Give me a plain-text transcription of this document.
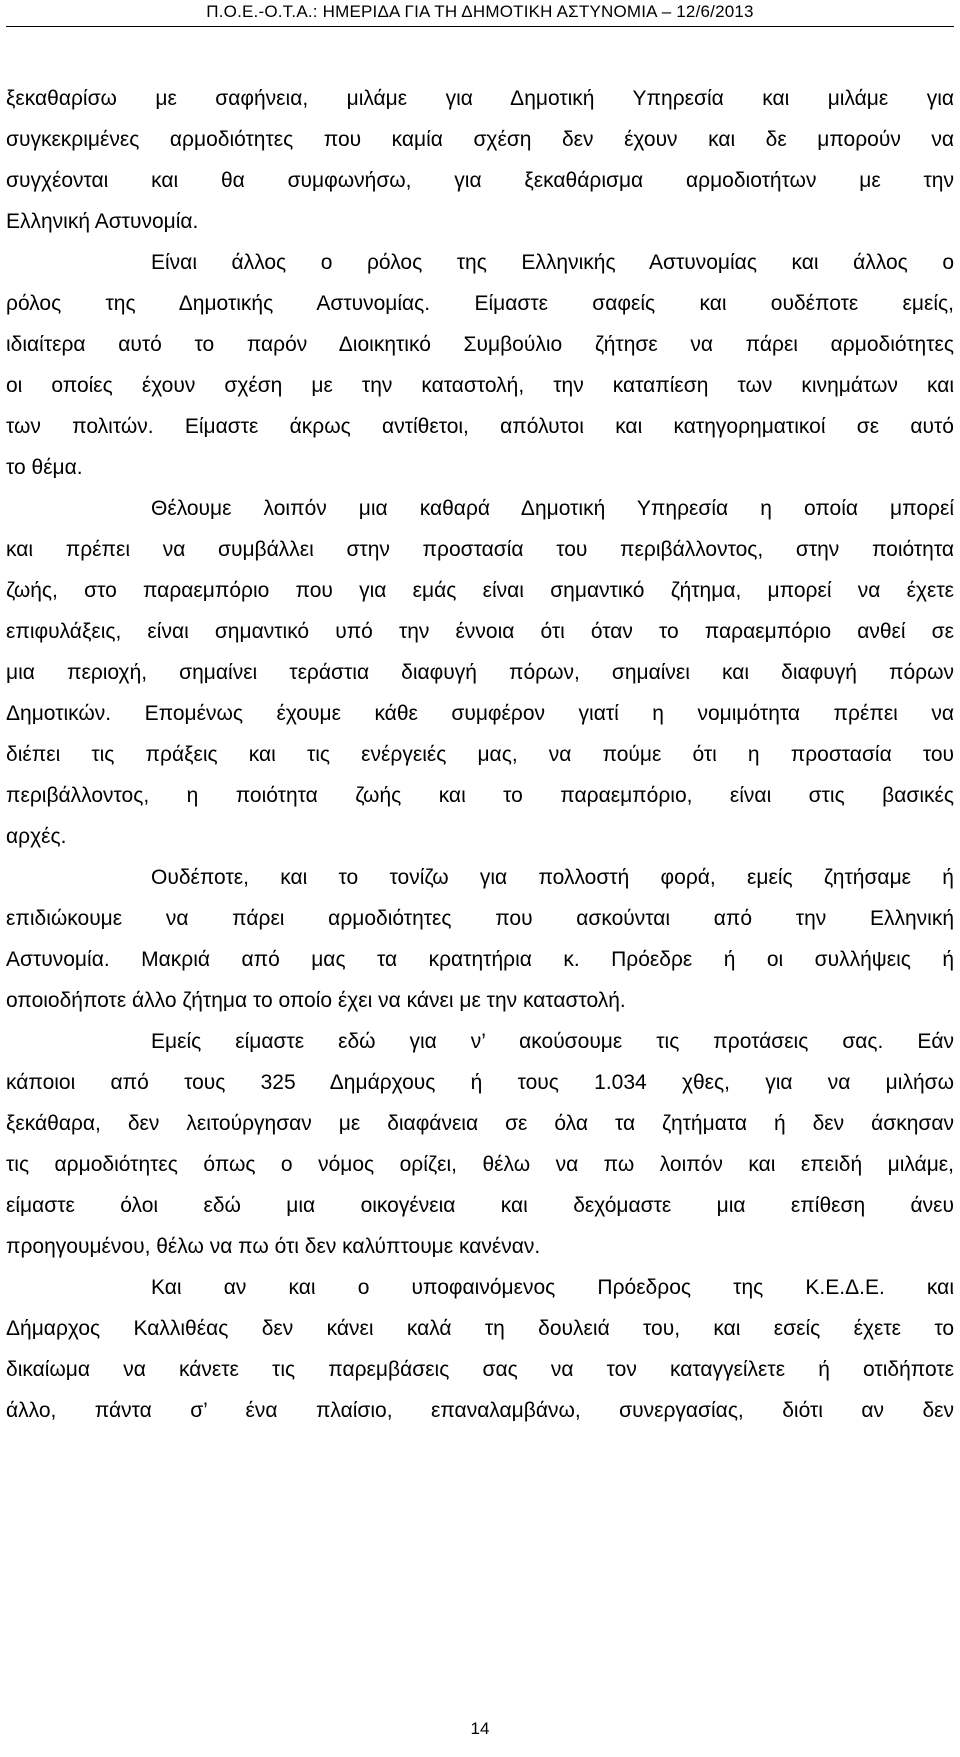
Π.Ο.Ε.-Ο.Τ.Α.: ΗΜΕΡΙΔΑ ΓΙΑ ΤΗ ΔΗΜΟΤΙΚΗ ΑΣΤΥΝΟΜΙΑ – 12/6/2013
ξεκαθαρίσω με σαφήνεια, μιλάμε για Δημοτική Υπηρεσία και μιλάμε για
συγκεκριμένες αρμοδιότητες που καμία σχέση δεν έχουν και δε μπορούν να
συγχέονται και θα συμφωνήσω, για ξεκαθάρισμα αρμοδιοτήτων με την
Ελληνική Αστυνομία.
Είναι άλλος ο ρόλος της Ελληνικής Αστυνομίας και άλλος ο
ρόλος της Δημοτικής Αστυνομίας. Είμαστε σαφείς και ουδέποτε εμείς,
ιδιαίτερα αυτό το παρόν Διοικητικό Συμβούλιο ζήτησε να πάρει αρμοδιότητες
οι οποίες έχουν σχέση με την καταστολή, την καταπίεση των κινημάτων και
των πολιτών. Είμαστε άκρως αντίθετοι, απόλυτοι και κατηγορηματικοί σε αυτό
το θέμα.
Θέλουμε λοιπόν μια καθαρά Δημοτική Υπηρεσία η οποία μπορεί
και πρέπει να συμβάλλει στην προστασία του περιβάλλοντος, στην ποιότητα
ζωής, στο παραεμπόριο που για εμάς είναι σημαντικό ζήτημα, μπορεί να έχετε
επιφυλάξεις, είναι σημαντικό υπό την έννοια ότι όταν το παραεμπόριο ανθεί σε
μια περιοχή, σημαίνει τεράστια διαφυγή πόρων, σημαίνει και διαφυγή πόρων
Δημοτικών. Επομένως έχουμε κάθε συμφέρον γιατί η νομιμότητα πρέπει να
διέπει τις πράξεις και τις ενέργειές μας, να πούμε ότι η προστασία του
περιβάλλοντος, η ποιότητα ζωής και το παραεμπόριο, είναι στις βασικές
αρχές.
Ουδέποτε, και το τονίζω για πολλοστή φορά, εμείς ζητήσαμε ή
επιδιώκουμε να πάρει αρμοδιότητες που ασκούνται από την Ελληνική
Αστυνομία. Μακριά από μας τα κρατητήρια κ. Πρόεδρε ή οι συλλήψεις ή
οποιοδήποτε άλλο ζήτημα το οποίο έχει να κάνει με την καταστολή.
Εμείς είμαστε εδώ για ν’ ακούσουμε τις προτάσεις σας. Εάν
κάποιοι από τους 325 Δημάρχους ή τους 1.034 χθες, για να μιλήσω
ξεκάθαρα, δεν λειτούργησαν με διαφάνεια σε όλα τα ζητήματα ή δεν άσκησαν
τις αρμοδιότητες όπως ο νόμος ορίζει, θέλω να πω λοιπόν και επειδή μιλάμε,
είμαστε όλοι εδώ μια οικογένεια και δεχόμαστε μια επίθεση άνευ
προηγουμένου, θέλω να πω ότι δεν καλύπτουμε κανέναν.
Και αν και ο υποφαινόμενος Πρόεδρος της Κ.Ε.Δ.Ε. και
Δήμαρχος Καλλιθέας δεν κάνει καλά τη δουλειά του, και εσείς έχετε το
δικαίωμα να κάνετε τις παρεμβάσεις σας να τον καταγγείλετε ή οτιδήποτε
άλλο, πάντα σ’ ένα πλαίσιο, επαναλαμβάνω, συνεργασίας, διότι αν δεν
14
